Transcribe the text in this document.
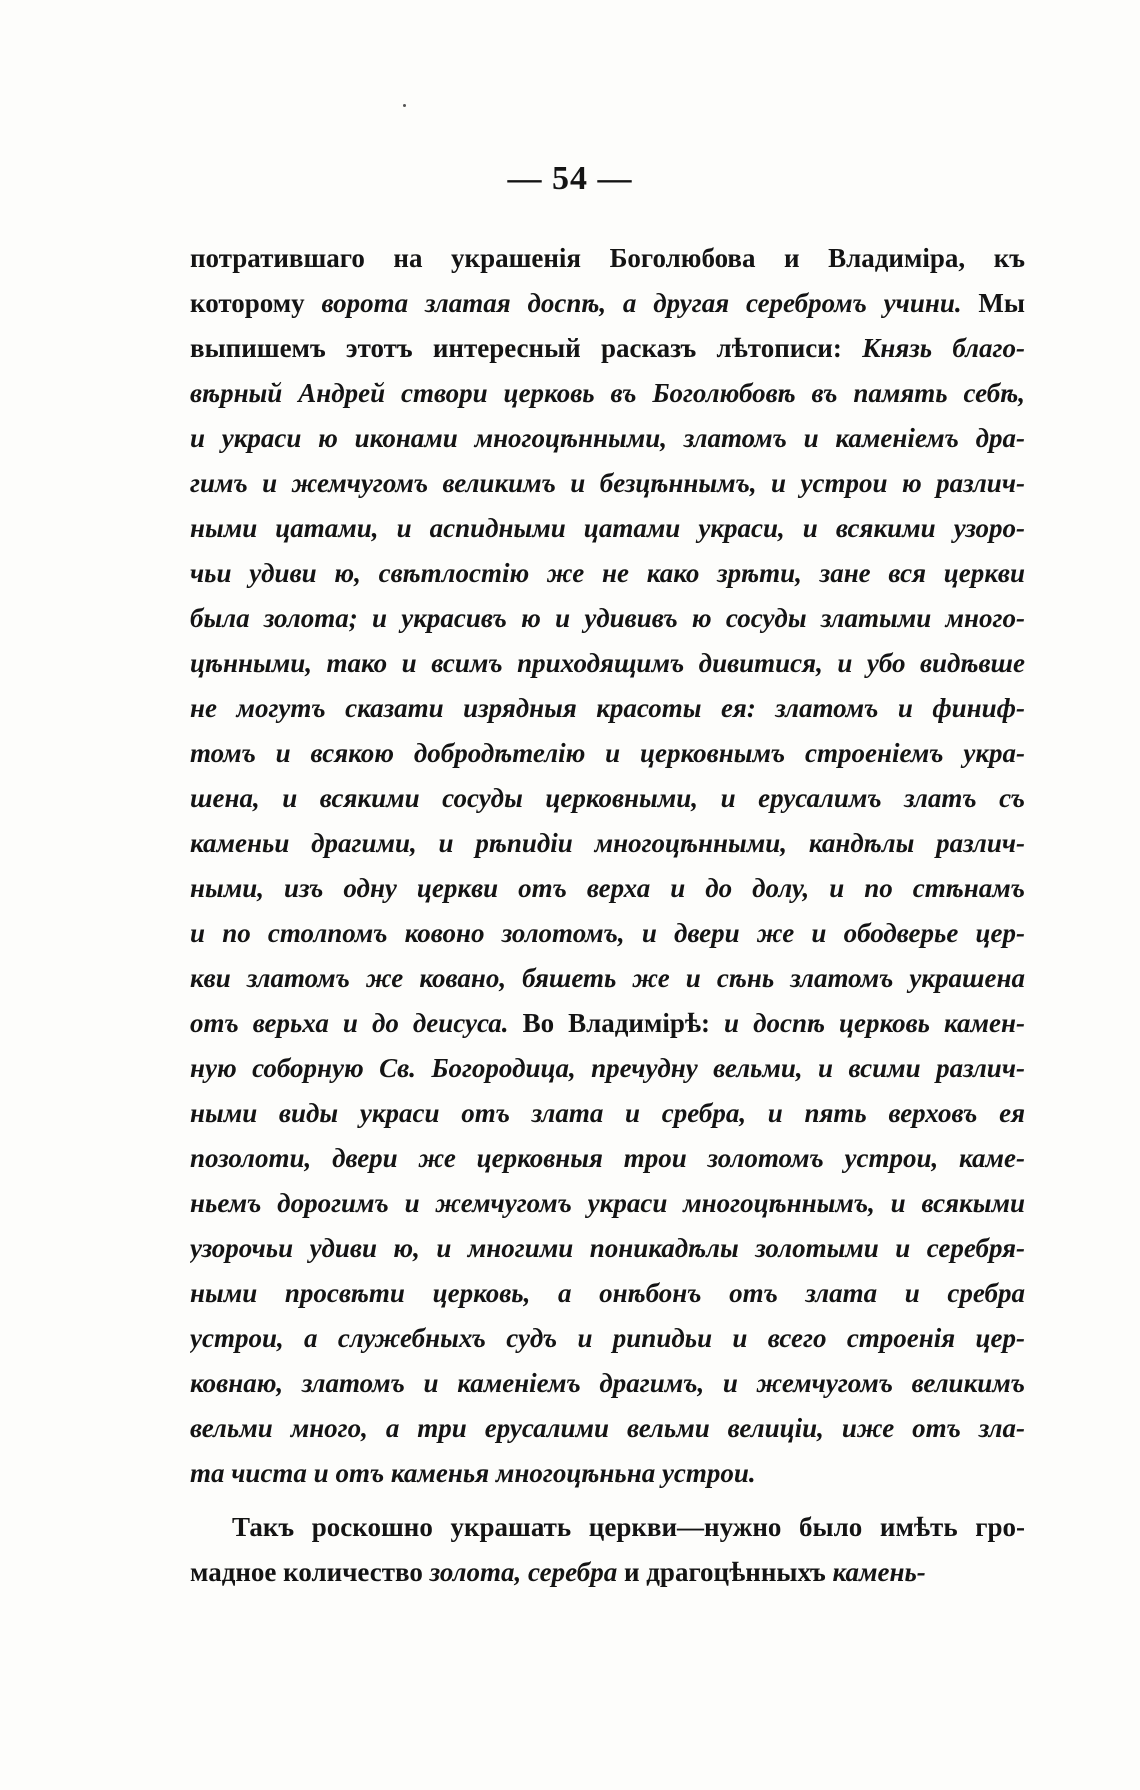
— 54 —
потратившаго на украшенія Боголюбова и Владиміра, къ
которому ворота златая доспѣ, а другая серебромъ учини. Мы
выпишемъ этотъ интересный расказъ лѣтописи: Князь благо-
вѣрный Андрей створи церковь въ Боголюбовѣ въ память себѣ,
и украси ю иконами многоцѣнными, златомъ и каменіемъ дра-
гимъ и жемчугомъ великимъ и безцѣннымъ, и устрои ю различ-
ными цатами, и аспидными цатами украси, и всякими узоро-
чьи удиви ю, свѣтлостію же не како зрѣти, зане вся церкви
была золота; и украсивъ ю и удививъ ю сосуды златыми много-
цѣнными, тако и всимъ приходящимъ дивитися, и убо видѣвше
не могутъ сказати изрядныя красоты ея: златомъ и финиф-
томъ и всякою добродѣтелію и церковнымъ строеніемъ укра-
шена, и всякими сосуды церковными, и ерусалимъ златъ съ
каменьи драгими, и рѣпидіи многоцѣнными, кандѣлы различ-
ными, изъ одну церкви отъ верха и до долу, и по стѣнамъ
и по столпомъ ковоно золотомъ, и двери же и ободверье цер-
кви златомъ же ковано, бяшеть же и сѣнь златомъ украшена
отъ верьха и до деисуса. Во Владимірѣ: и доспѣ церковь камен-
ную соборную Св. Богородица, пречудну вельми, и всими различ-
ными виды украси отъ злата и сребра, и пять верховъ ея
позолоти, двери же церковныя трои золотомъ устрои, каме-
ньемъ дорогимъ и жемчугомъ украси многоцѣннымъ, и всякыми
узорочьи удиви ю, и многими поникадѣлы золотыми и серебря-
ными просвѣти церковь, а онѣбонъ отъ злата и сребра
устрои, а служебныхъ судъ и рипидьи и всего строенія цер-
ковнаю, златомъ и каменіемъ драгимъ, и жемчугомъ великимъ
вельми много, а три ерусалими вельми велиціи, иже отъ зла-
та чиста и отъ каменья многоцѣньна устрои.
Такъ роскошно украшать церкви—нужно было имѣть гро-
мадное количество золота, серебра и драгоцѣнныхъ камень-
